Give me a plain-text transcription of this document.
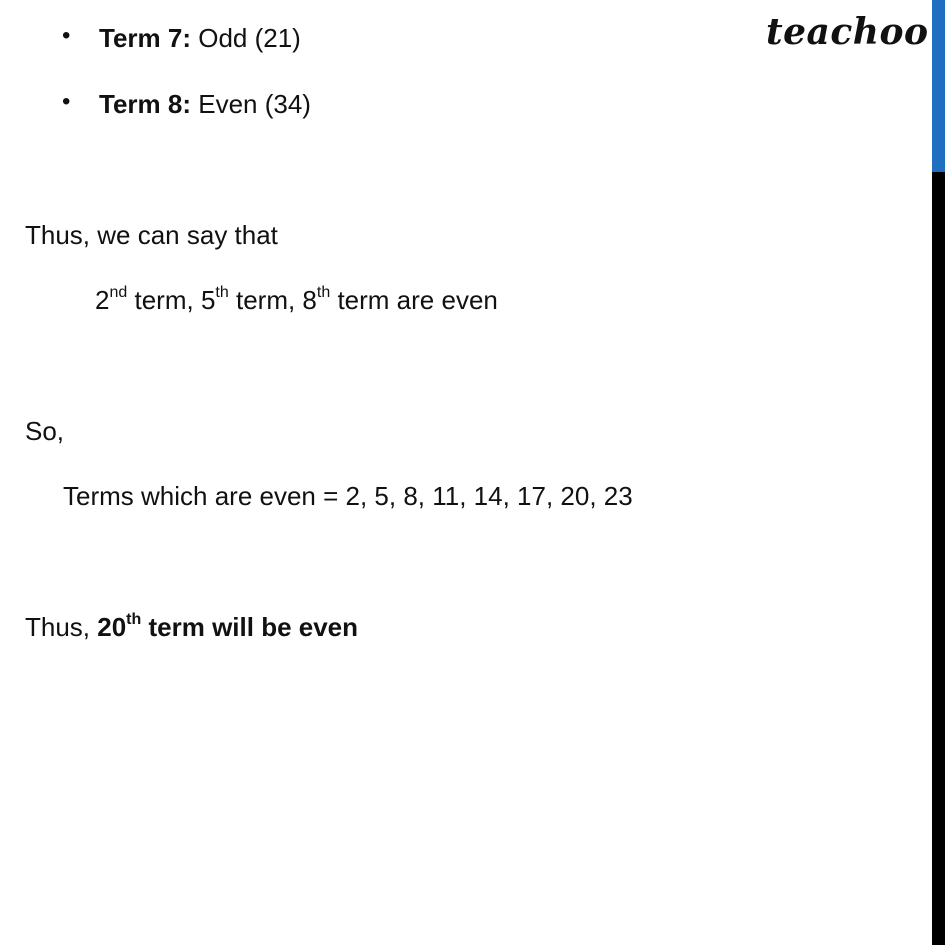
teachoo
• Term 7: Odd (21)
• Term 8: Even (34)
Thus, we can say that
2nd term, 5th term, 8th term are even
So,
Terms which are even = 2, 5, 8, 11, 14, 17, 20, 23
Thus, 20th term will be even
